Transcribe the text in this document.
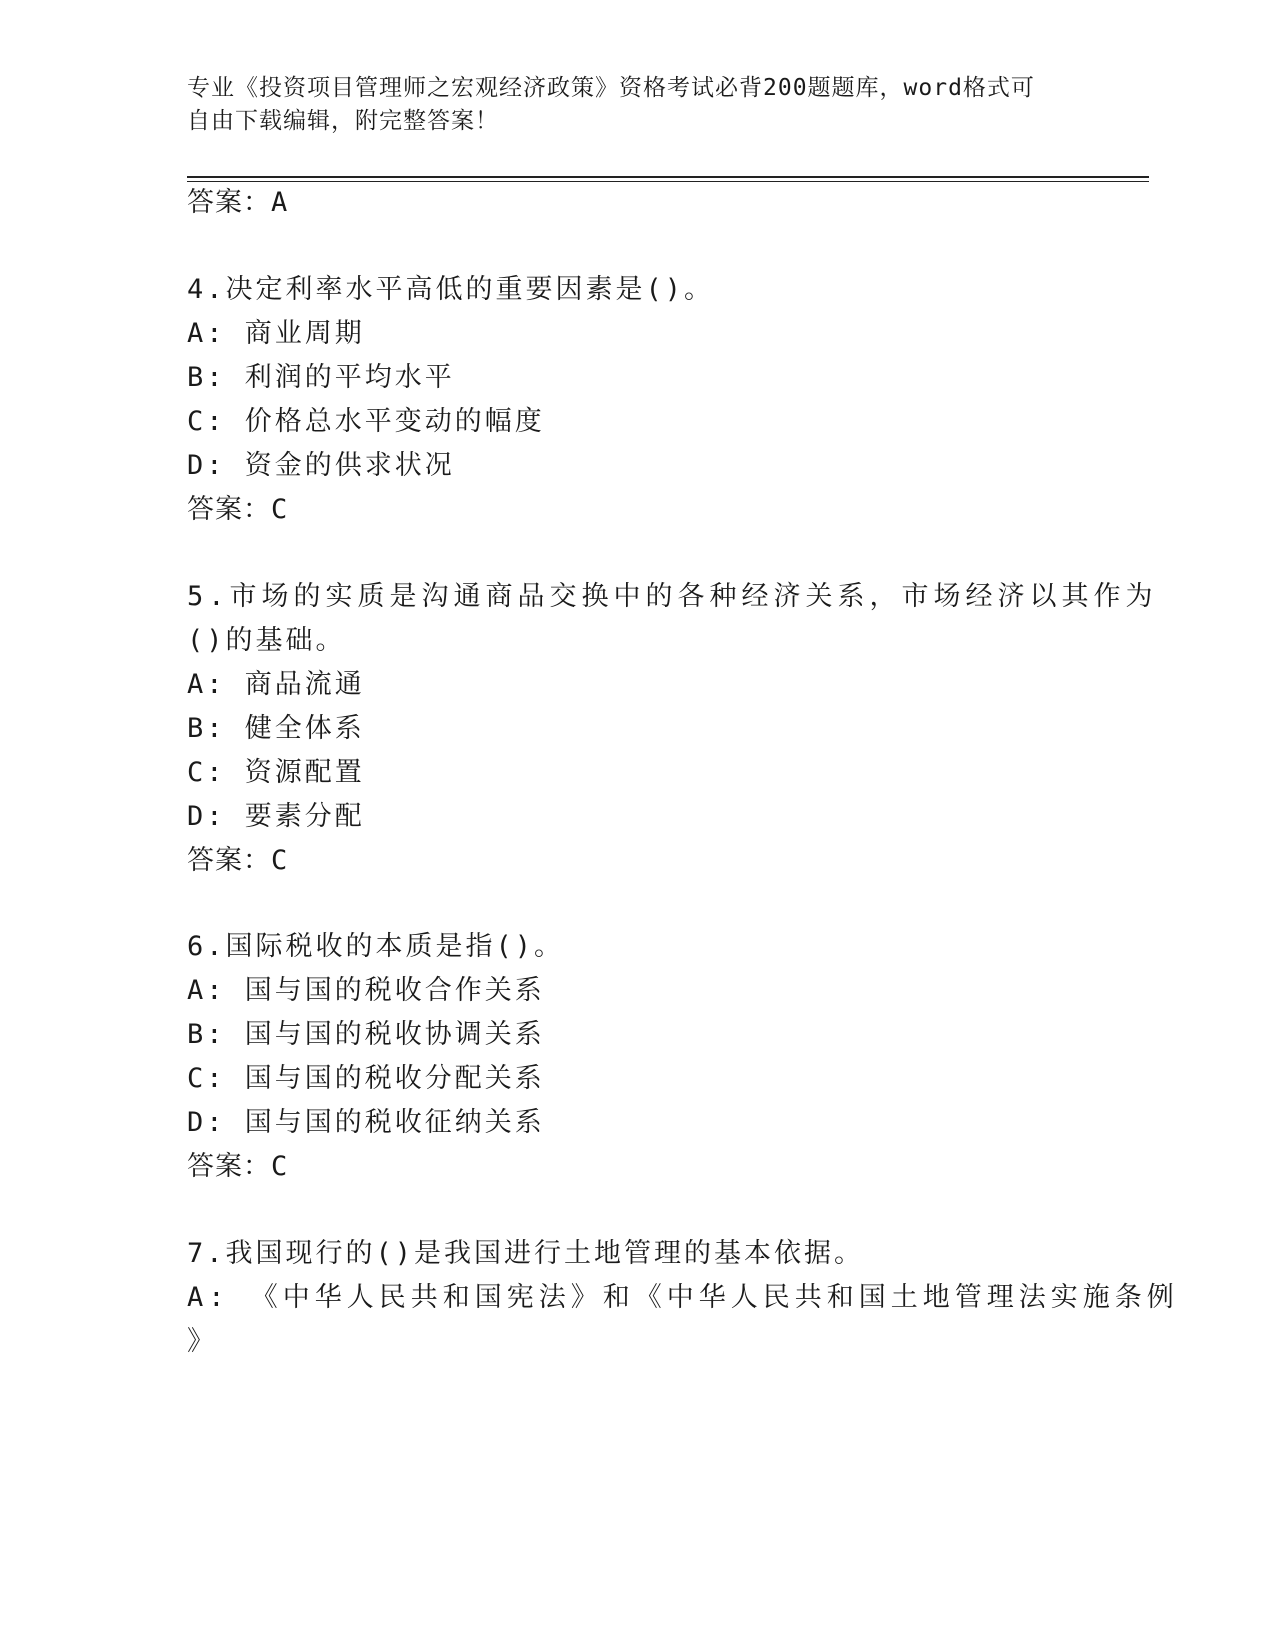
专业《投资项目管理师之宏观经济政策》资格考试必背200题题库，word格式可
自由下载编辑，附完整答案！
答案：A
4.决定利率水平高低的重要因素是()。
A: 商业周期
B: 利润的平均水平
C: 价格总水平变动的幅度
D: 资金的供求状况
答案：C
5.市场的实质是沟通商品交换中的各种经济关系，市场经济以其作为
()的基础。
A: 商品流通
B: 健全体系
C: 资源配置
D: 要素分配
答案：C
6.国际税收的本质是指()。
A: 国与国的税收合作关系
B: 国与国的税收协调关系
C: 国与国的税收分配关系
D: 国与国的税收征纳关系
答案：C
7.我国现行的()是我国进行土地管理的基本依据。
A: 《中华人民共和国宪法》和《中华人民共和国土地管理法实施条例
》
